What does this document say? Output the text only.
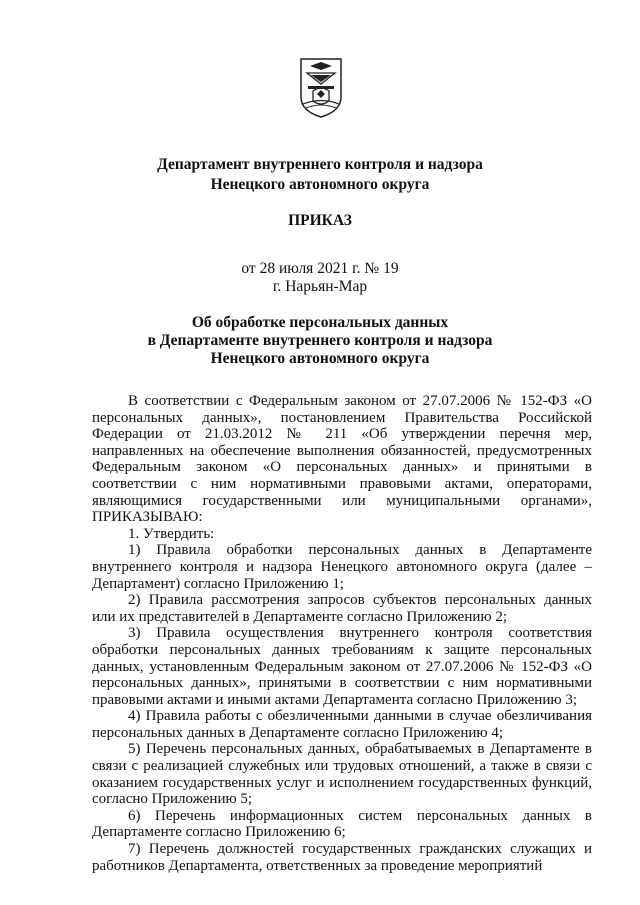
Департамент внутреннего контроля и надзора
Ненецкого автономного округа
ПРИКАЗ
от 28 июля 2021 г. № 19
г. Нарьян-Мар
Об обработке персональных данных
в Департаменте внутреннего контроля и надзора
Ненецкого автономного округа

В соответствии с Федеральным законом от 27.07.2006 № 152-ФЗ «О персональных данных», постановлением Правительства Российской Федерации от 21.03.2012 № 211 «Об утверждении перечня мер, направленных на обеспечение выполнения обязанностей, предусмотренных Федеральным законом «О персональных данных» и принятыми в соответствии с ним нормативными правовыми актами, операторами, являющимися государственными или муниципальными органами», ПРИКАЗЫВАЮ:

1. Утвердить:

1) Правила обработки персональных данных в Департаменте внутреннего контроля и надзора Ненецкого автономного округа (далее – Департамент) согласно Приложению 1;

2) Правила рассмотрения запросов субъектов персональных данных или их представителей в Департаменте согласно Приложению 2;

3) Правила осуществления внутреннего контроля соответствия обработки персональных данных требованиям к защите персональных данных, установленным Федеральным законом от 27.07.2006 № 152-ФЗ «О персональных данных», принятыми в соответствии с ним нормативными правовыми актами и иными актами Департамента согласно Приложению 3;

4) Правила работы с обезличенными данными в случае обезличивания персональных данных в Департаменте согласно Приложению 4;

5) Перечень персональных данных, обрабатываемых в Департаменте в связи с реализацией служебных или трудовых отношений, а также в связи с оказанием государственных услуг и исполнением государственных функций, согласно Приложению 5;

6) Перечень информационных систем персональных данных в Департаменте согласно Приложению 6;

7) Перечень должностей государственных гражданских служащих и работников Департамента, ответственных за проведение мероприятий
